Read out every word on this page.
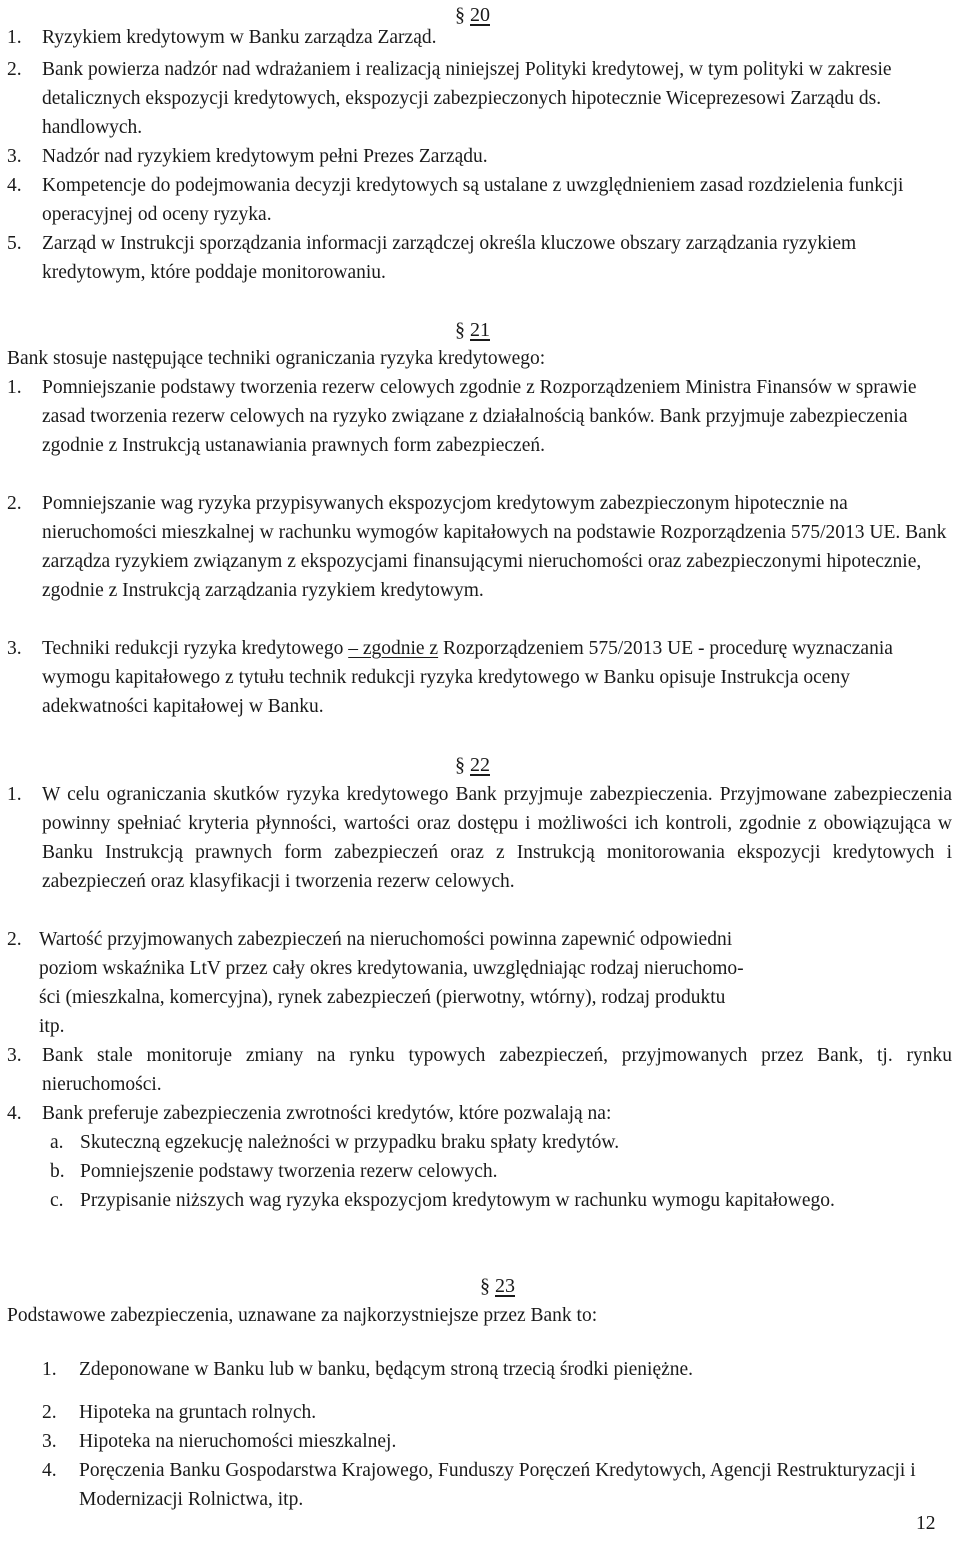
§ 20
1. Ryzykiem kredytowym w Banku zarządza Zarząd.
2. Bank powierza nadzór nad wdrażaniem i realizacją niniejszej Polityki kredytowej, w tym polityki w zakresie detalicznych ekspozycji kredytowych, ekspozycji zabezpieczonych hipotecznie Wiceprezesowi Zarządu ds. handlowych.
3. Nadzór nad ryzykiem kredytowym pełni Prezes Zarządu.
4. Kompetencje do podejmowania decyzji kredytowych są ustalane z uwzględnieniem zasad rozdzielenia funkcji operacyjnej od oceny ryzyka.
5. Zarząd w Instrukcji sporządzania informacji zarządczej określa kluczowe obszary zarządzania ryzykiem kredytowym, które poddaje monitorowaniu.
§ 21
Bank stosuje następujące techniki ograniczania ryzyka kredytowego:
1. Pomniejszanie podstawy tworzenia rezerw celowych zgodnie z Rozporządzeniem Ministra Finansów w sprawie zasad tworzenia rezerw celowych na ryzyko związane z działalnością banków. Bank przyjmuje zabezpieczenia zgodnie z Instrukcją ustanawiania prawnych form zabezpieczeń.
2. Pomniejszanie wag ryzyka przypisywanych ekspozycjom kredytowym zabezpieczonym hipotecznie na nieruchomości mieszkalnej w rachunku wymogów kapitałowych na podstawie Rozporządzenia 575/2013 UE. Bank zarządza ryzykiem związanym z ekspozycjami finansującymi nieruchomości oraz zabezpieczonymi hipotecznie, zgodnie z Instrukcją zarządzania ryzykiem kredytowym.
3. Techniki redukcji ryzyka kredytowego – zgodnie z Rozporządzeniem 575/2013 UE - procedurę wyznaczania wymogu kapitałowego z tytułu technik redukcji ryzyka kredytowego w Banku opisuje Instrukcja oceny adekwatności kapitałowej w Banku.
§ 22
1. W celu ograniczania skutków ryzyka kredytowego Bank przyjmuje zabezpieczenia. Przyjmowane zabezpieczenia powinny spełniać kryteria płynności, wartości oraz dostępu i możliwości ich kontroli, zgodnie z obowiązująca w Banku Instrukcją prawnych form zabezpieczeń oraz z Instrukcją monitorowania ekspozycji kredytowych i zabezpieczeń oraz klasyfikacji i tworzenia rezerw celowych.
2. Wartość przyjmowanych zabezpieczeń na nieruchomości powinna zapewnić odpowiedni
poziom wskaźnika LtV przez cały okres kredytowania, uwzględniając rodzaj nieruchomo-
ści (mieszkalna, komercyjna), rynek zabezpieczeń (pierwotny, wtórny), rodzaj produktu
itp.
3. Bank stale monitoruje zmiany na rynku typowych zabezpieczeń, przyjmowanych przez Bank, tj. rynku nieruchomości.
4. Bank preferuje zabezpieczenia zwrotności kredytów, które pozwalają na:
a. Skuteczną egzekucję należności w przypadku braku spłaty kredytów.
b. Pomniejszenie podstawy tworzenia rezerw celowych.
c. Przypisanie niższych wag ryzyka ekspozycjom kredytowym w rachunku wymogu kapitałowego.
§ 23
Podstawowe zabezpieczenia, uznawane za najkorzystniejsze przez Bank to:
1. Zdeponowane w Banku lub w banku, będącym stroną trzecią środki pieniężne.
2. Hipoteka na gruntach rolnych.
3. Hipoteka na nieruchomości mieszkalnej.
4. Poręczenia Banku Gospodarstwa Krajowego, Funduszy Poręczeń Kredytowych, Agencji Restrukturyzacji i Modernizacji Rolnictwa, itp.
12
